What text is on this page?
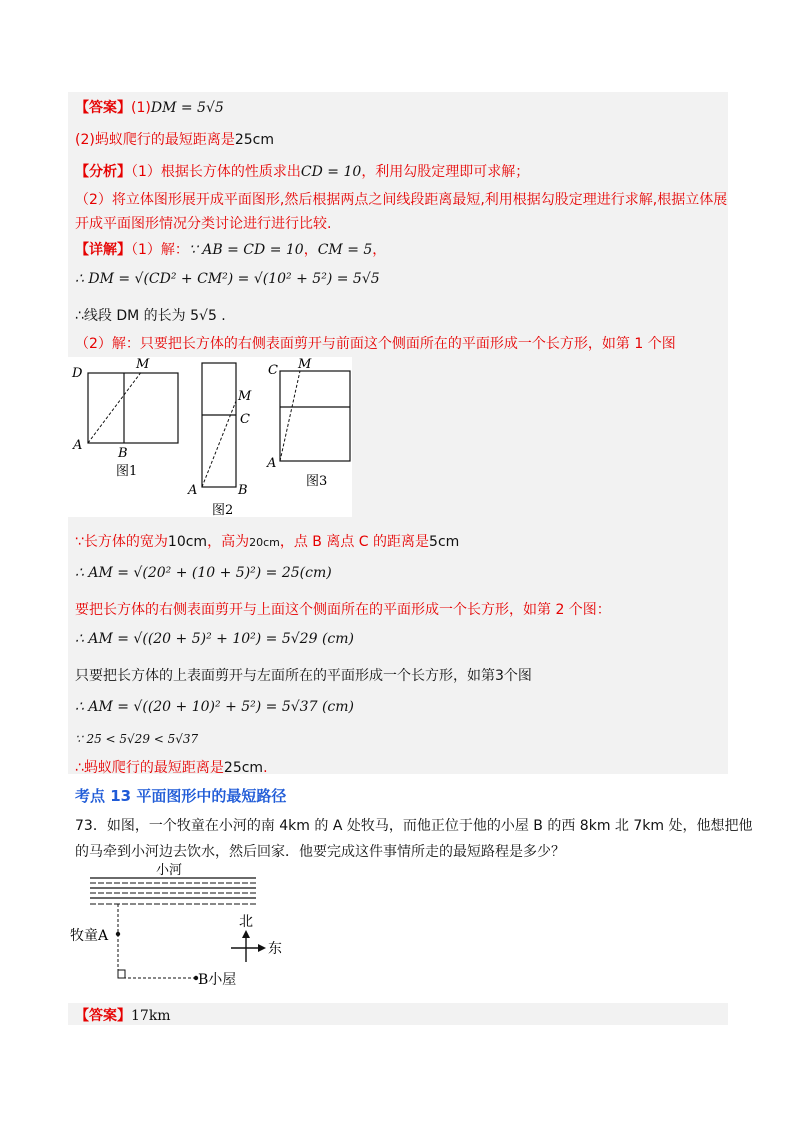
【答案】(1)DM = 5√5
(2)蚂蚁爬行的最短距离是25cm
【分析】（1）根据长方体的性质求出CD = 10，利用勾股定理即可求解；
（2）将立体图形展开成平面图形,然后根据两点之间线段距离最短,利用根据勾股定理进行求解,根据立体展
开成平面图形情况分类讨论进行进行比较.
【详解】（1）解：∵ AB = CD = 10，CM = 5，
∴ DM = √(CD² + CM²) = √(10² + 5²) = 5√5
∴线段 DM 的长为 5√5 .
（2）解：只要把长方体的右侧表面剪开与前面这个侧面所在的平面形成一个长方形，如第 1 个图
D
M
A
B
图1
M
C
A	B
图2
C M
A
图3
∵长方体的宽为10cm，高为20cm，点 B 离点 C 的距离是5cm
∴ AM = √(20² + (10 + 5)²) = 25(cm)
要把长方体的右侧表面剪开与上面这个侧面所在的平面形成一个长方形，如第 2 个图：
∴ AM = √((20 + 5)² + 10²) = 5√29 (cm)
只要把长方体的上表面剪开与左面所在的平面形成一个长方形，如第3个图
∴ AM = √((20 + 10)² + 5²) = 5√37 (cm)
∵ 25 < 5√29 < 5√37
∴蚂蚁爬行的最短距离是25cm.
考点 13 平面图形中的最短路径
73．如图，一个牧童在小河的南 4km 的 A 处牧马，而他正位于他的小屋 B 的西 8km 北 7km 处，他想把他
的马牵到小河边去饮水，然后回家．他要完成这件事情所走的最短路程是多少？
小河
牧童A
B小屋
北
东
【答案】17km
